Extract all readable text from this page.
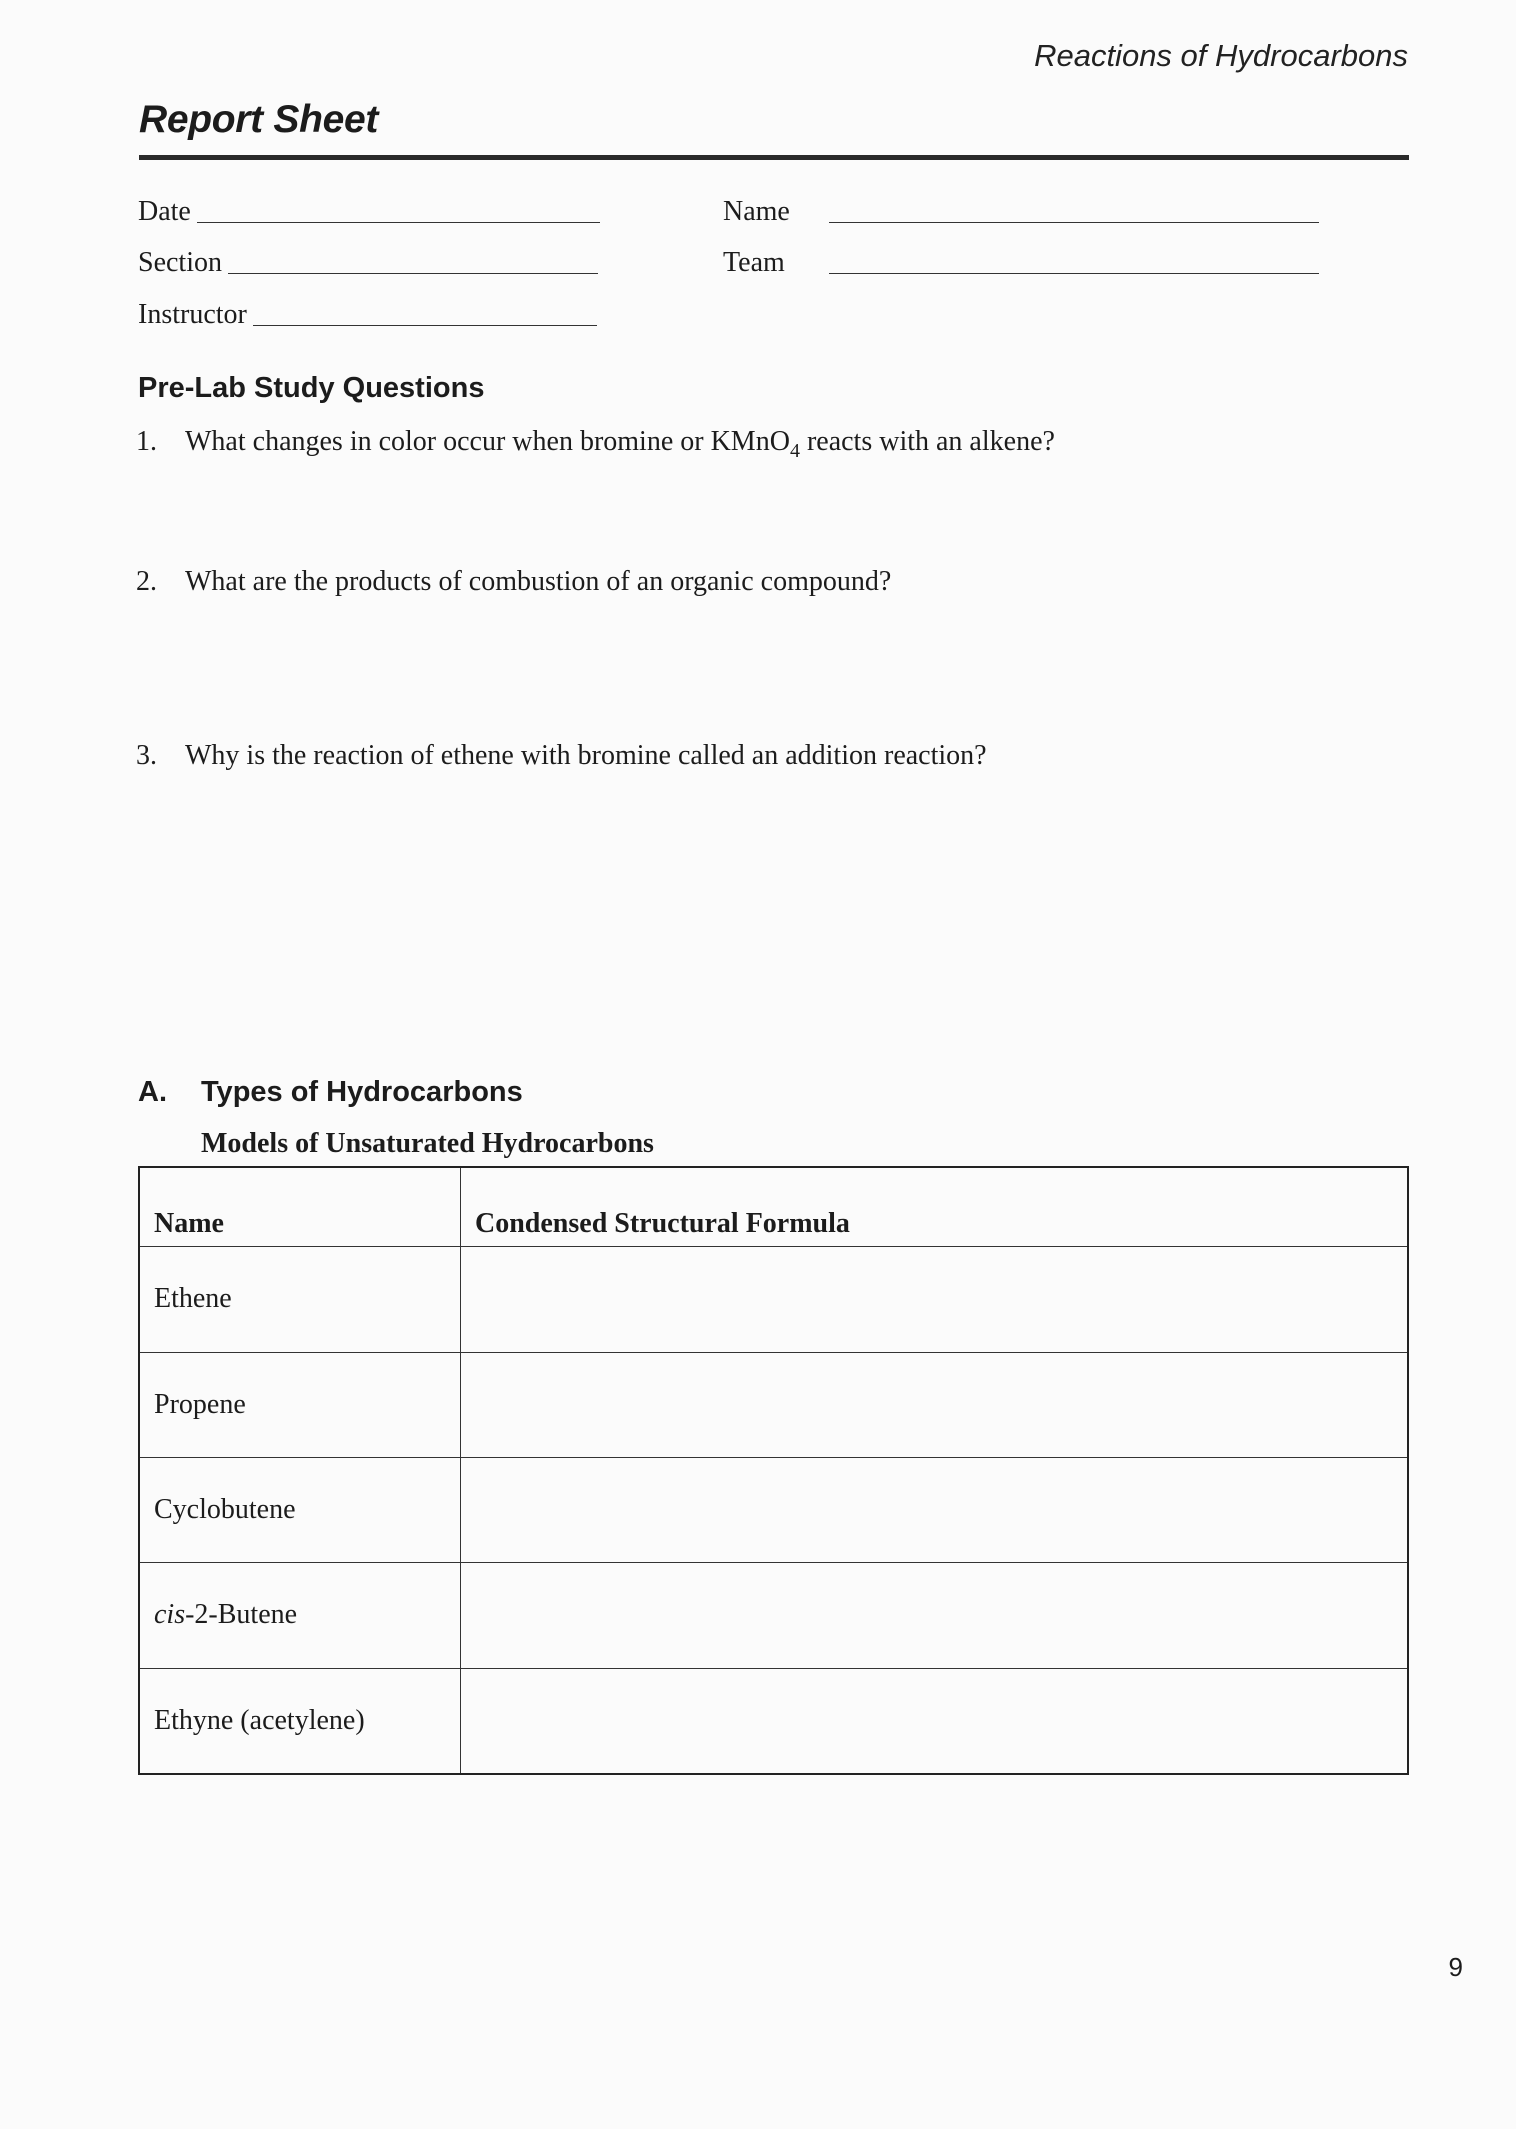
Reactions of Hydrocarbons
Report Sheet
Date
Section
Instructor
Name
Team
Pre-Lab Study Questions
1. What changes in color occur when bromine or KMnO$_4$ reacts with an alkene?
2. What are the products of combustion of an organic compound?
3. Why is the reaction of ethene with bromine called an addition reaction?
A. Types of Hydrocarbons
Models of Unsaturated Hydrocarbons
Name	Condensed Structural Formula
Ethene	
Propene	
Cyclobutene	
cis-2-Butene	
Ethyne (acetylene)	
9
